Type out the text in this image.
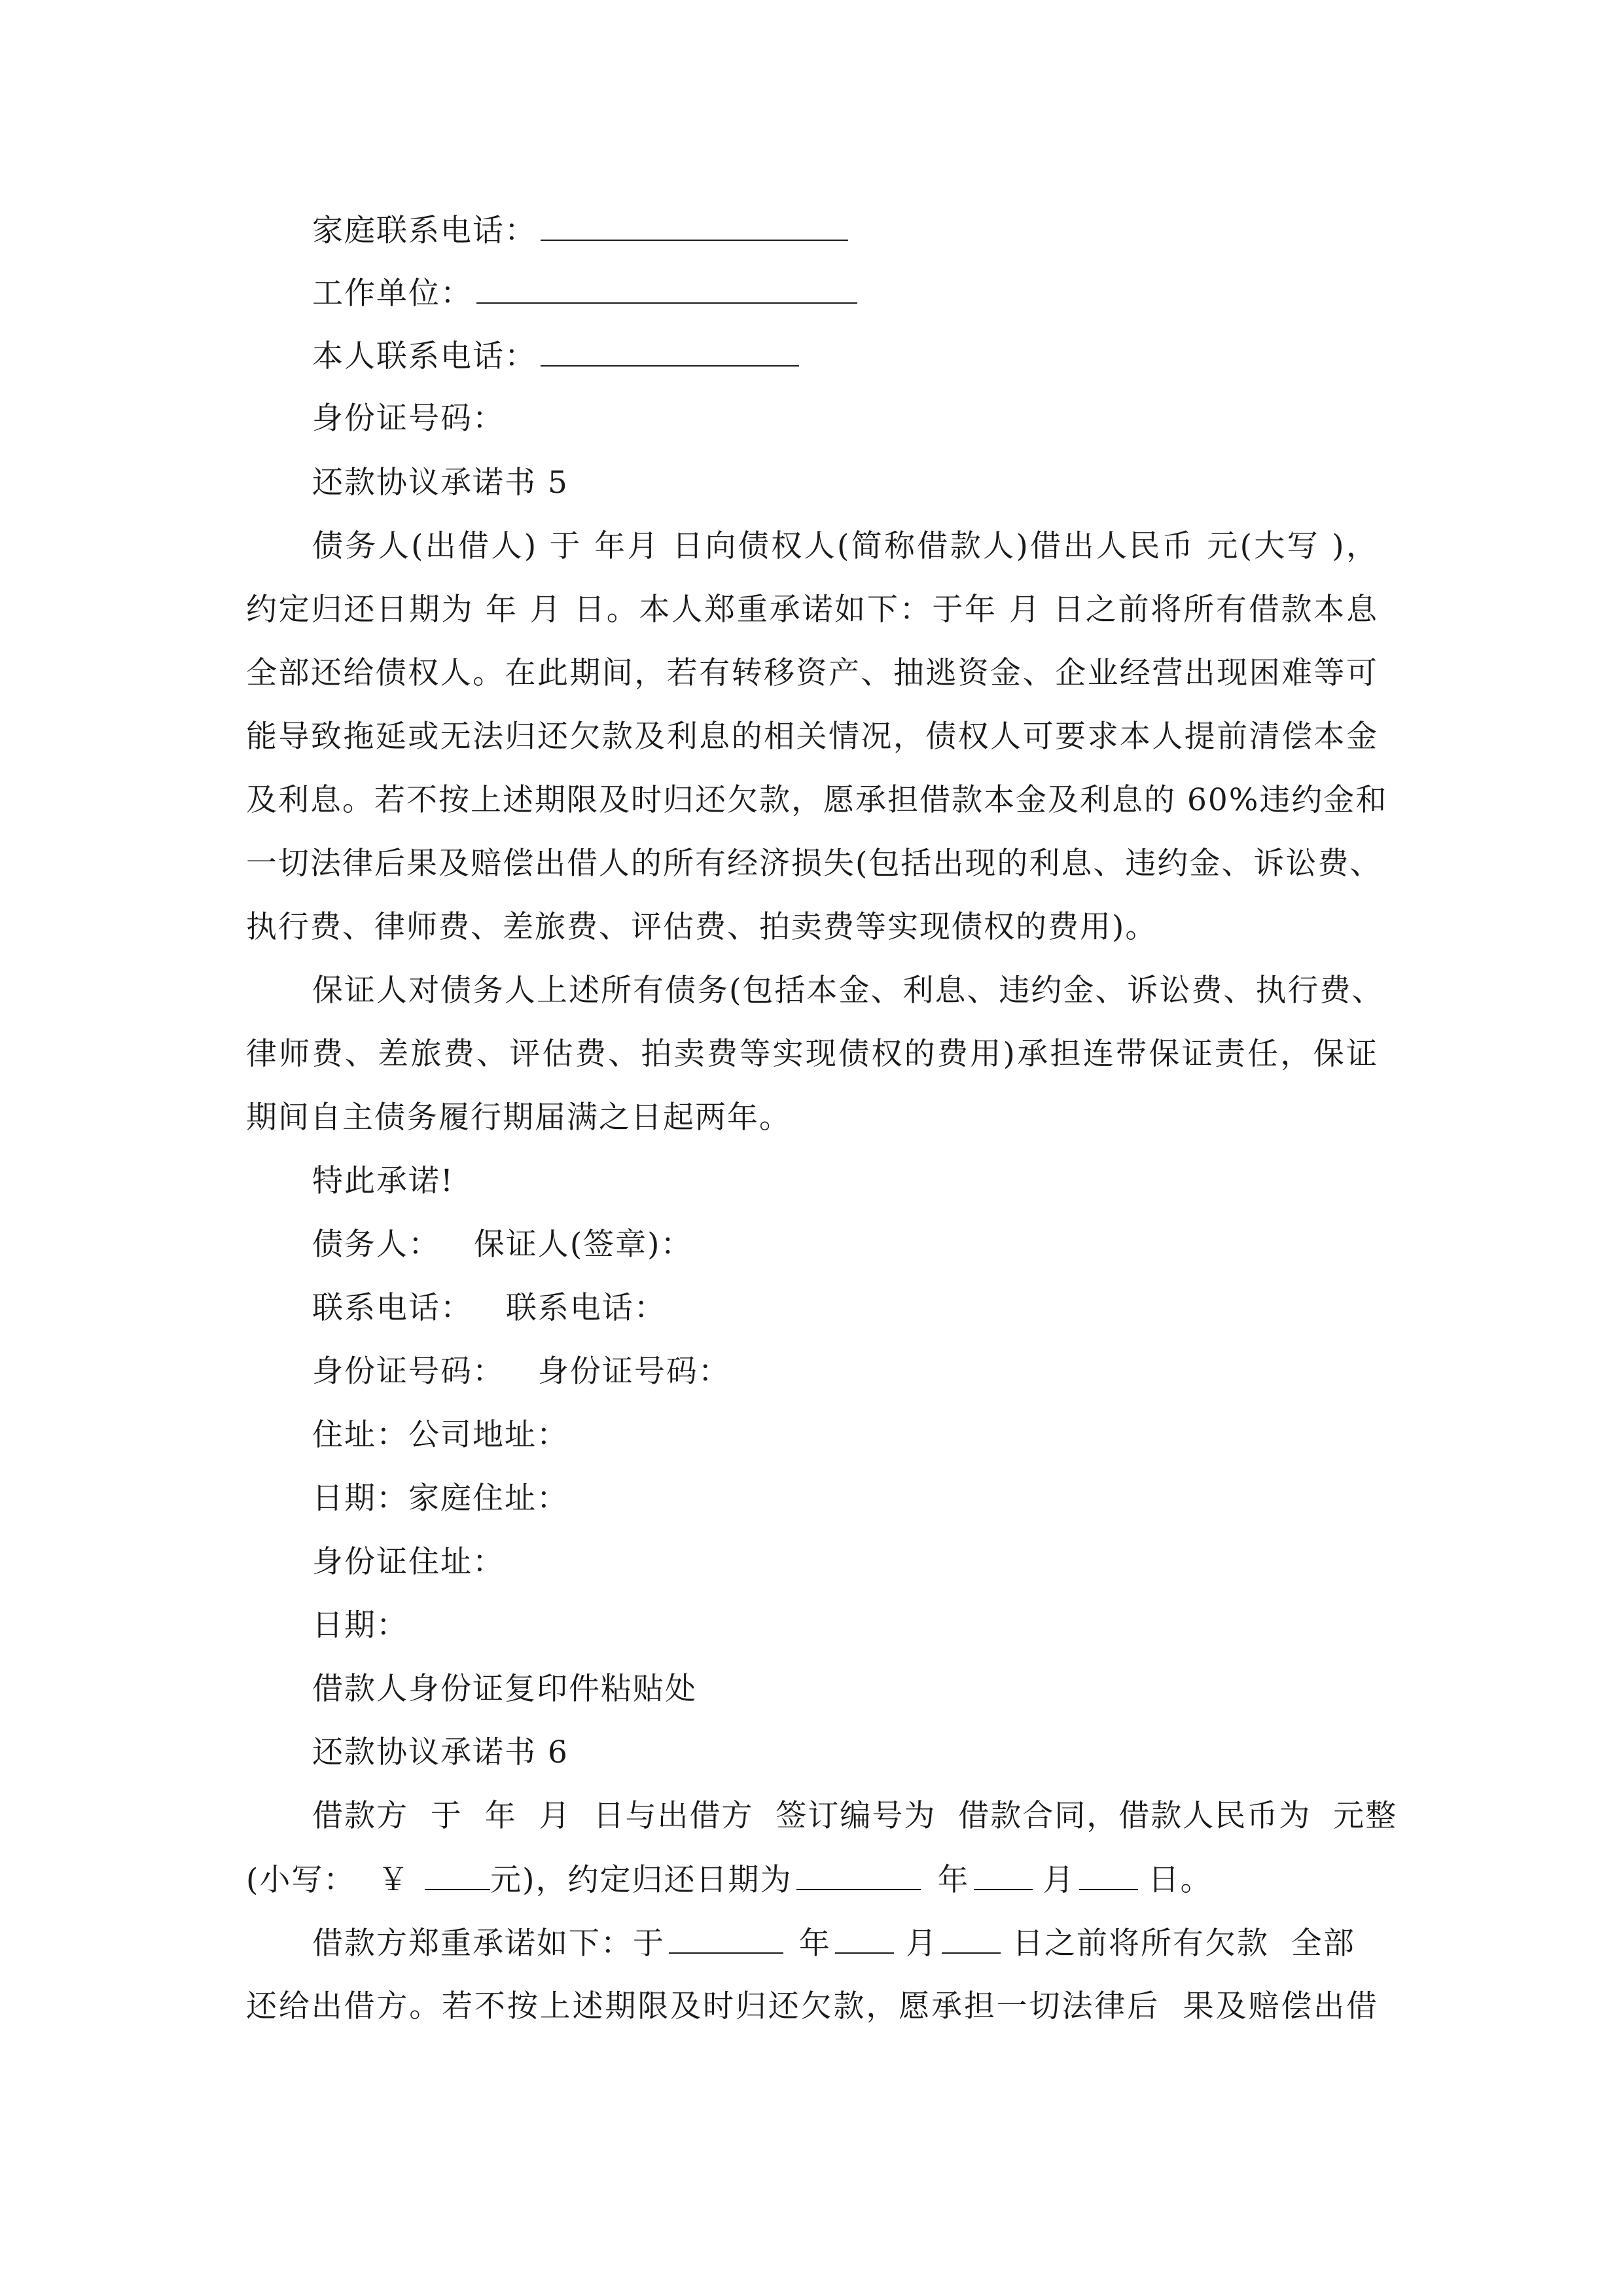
家庭联系电话：
工作单位：
本人联系电话：
身份证号码：
还款协议承诺书 5
债务人(出借人) 于 年月 日向债权人(简称借款人)借出人民币 元(大写 )，
约定归还日期为 年 月 日。本人郑重承诺如下：于年 月 日之前将所有借款本息
全部还给债权人。在此期间，若有转移资产、抽逃资金、企业经营出现困难等可
能导致拖延或无法归还欠款及利息的相关情况，债权人可要求本人提前清偿本金
及利息。若不按上述期限及时归还欠款，愿承担借款本金及利息的 60%违约金和
一切法律后果及赔偿出借人的所有经济损失(包括出现的利息、违约金、诉讼费、
执行费、律师费、差旅费、评估费、拍卖费等实现债权的费用)。
保证人对债务人上述所有债务(包括本金、利息、违约金、诉讼费、执行费、
律师费、差旅费、评估费、拍卖费等实现债权的费用)承担连带保证责任，保证
期间自主债务履行期届满之日起两年。
特此承诺!
债务人：   保证人(签章)：
联系电话：   联系电话：
身份证号码：   身份证号码：
住址：公司地址：
日期：家庭住址：
身份证住址：
日期：
借款人身份证复印件粘贴处
还款协议承诺书 6
借款方  于  年  月  日与出借方  签订编号为  借款合同，借款人民币为  元整
(小写：  ￥ 元)，约定归还日期为	年 月 日。
借款方郑重承诺如下：于	年 月 日之前将所有欠款  全部
还给出借方。若不按上述期限及时归还欠款，愿承担一切法律后  果及赔偿出借
